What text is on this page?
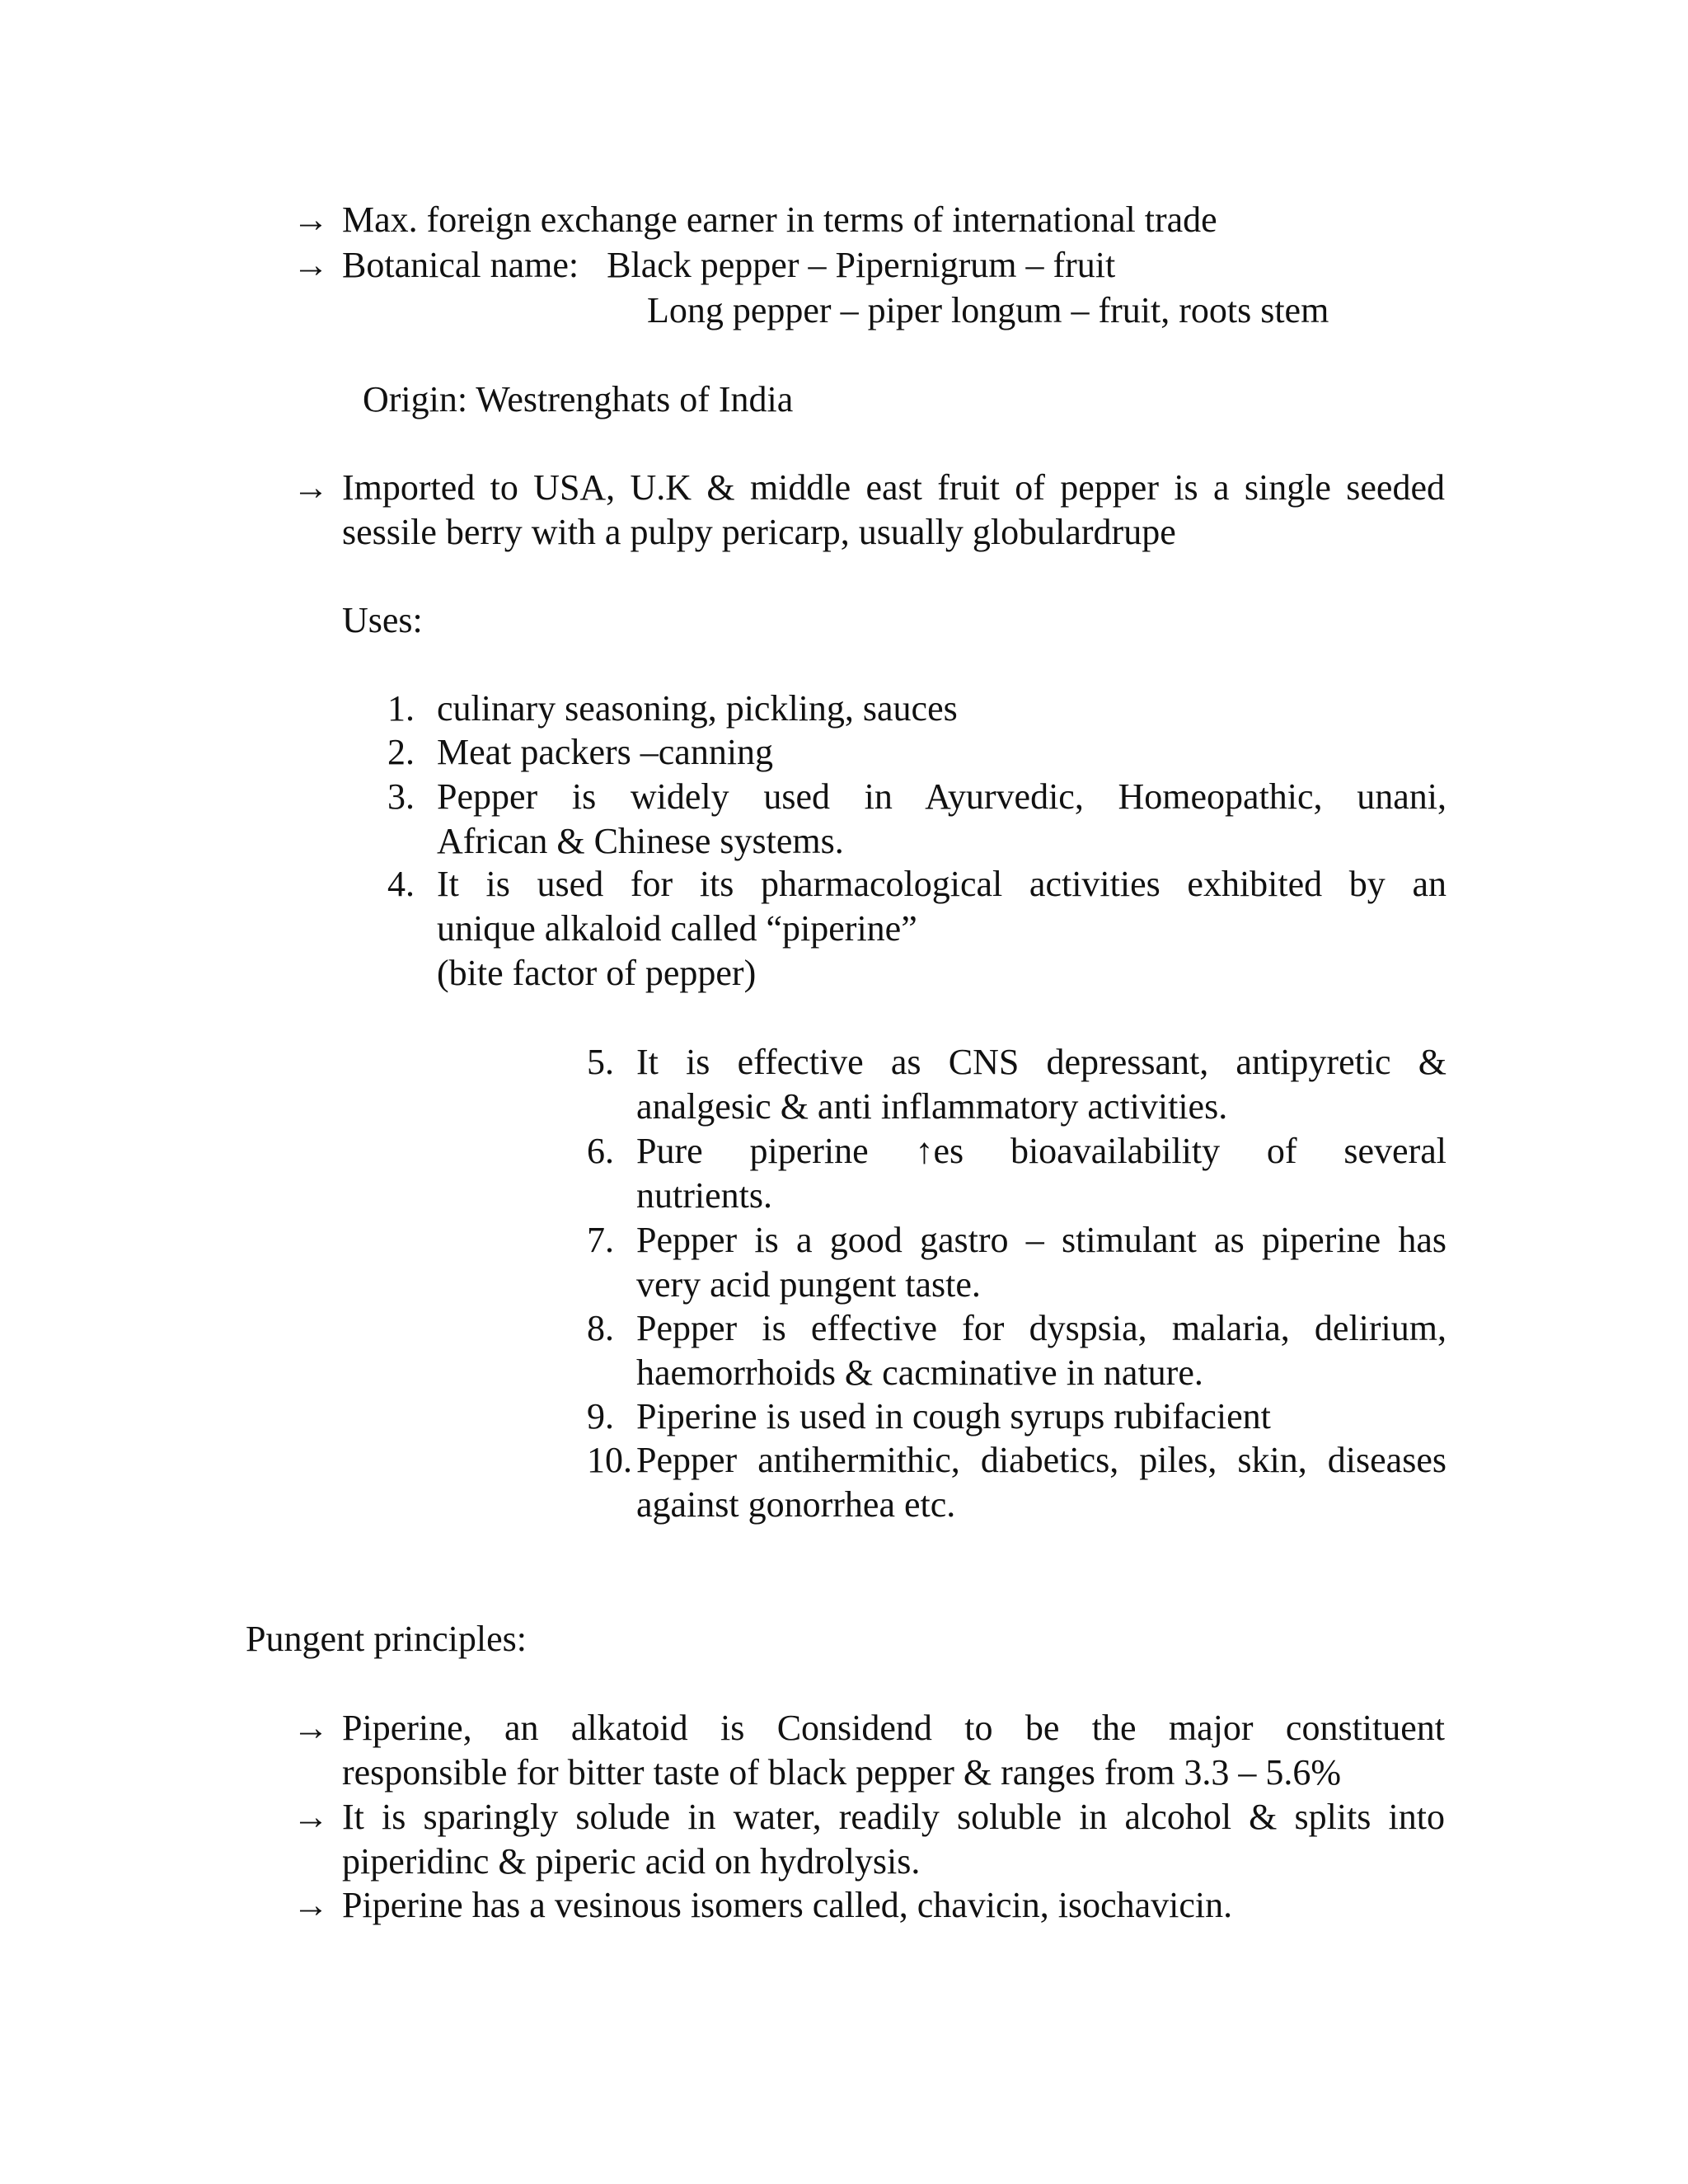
→ Max. foreign exchange earner in terms of international trade
→ Botanical name: Black pepper – Pipernigrum – fruit
Long pepper – piper longum – fruit, roots stem
Origin: Westrenghats of India
→ Imported to USA, U.K & middle east fruit of pepper is a single seeded
sessile berry with a pulpy pericarp, usually globulardrupe
Uses:
1. culinary seasoning, pickling, sauces
2. Meat packers –canning
3. Pepper is widely used in Ayurvedic, Homeopathic, unani,
African & Chinese systems.
4. It is used for its pharmacological activities exhibited by an
unique alkaloid called “piperine”
(bite factor of pepper)
5. It is effective as CNS depressant, antipyretic &
analgesic & anti inflammatory activities.
6. Pure piperine ↑es bioavailability of several
nutrients.
7. Pepper is a good gastro – stimulant as piperine has
very acid pungent taste.
8. Pepper is effective for dyspsia, malaria, delirium,
haemorrhoids & cacminative in nature.
9. Piperine is used in cough syrups rubifacient
10. Pepper antihermithic, diabetics, piles, skin, diseases
against gonorrhea etc.
Pungent principles:
→ Piperine, an alkatoid is Considend to be the major constituent
responsible for bitter taste of black pepper & ranges from 3.3 – 5.6%
→ It is sparingly solude in water, readily soluble in alcohol & splits into
piperidinc & piperic acid on hydrolysis.
→ Piperine has a vesinous isomers called, chavicin, isochavicin.
